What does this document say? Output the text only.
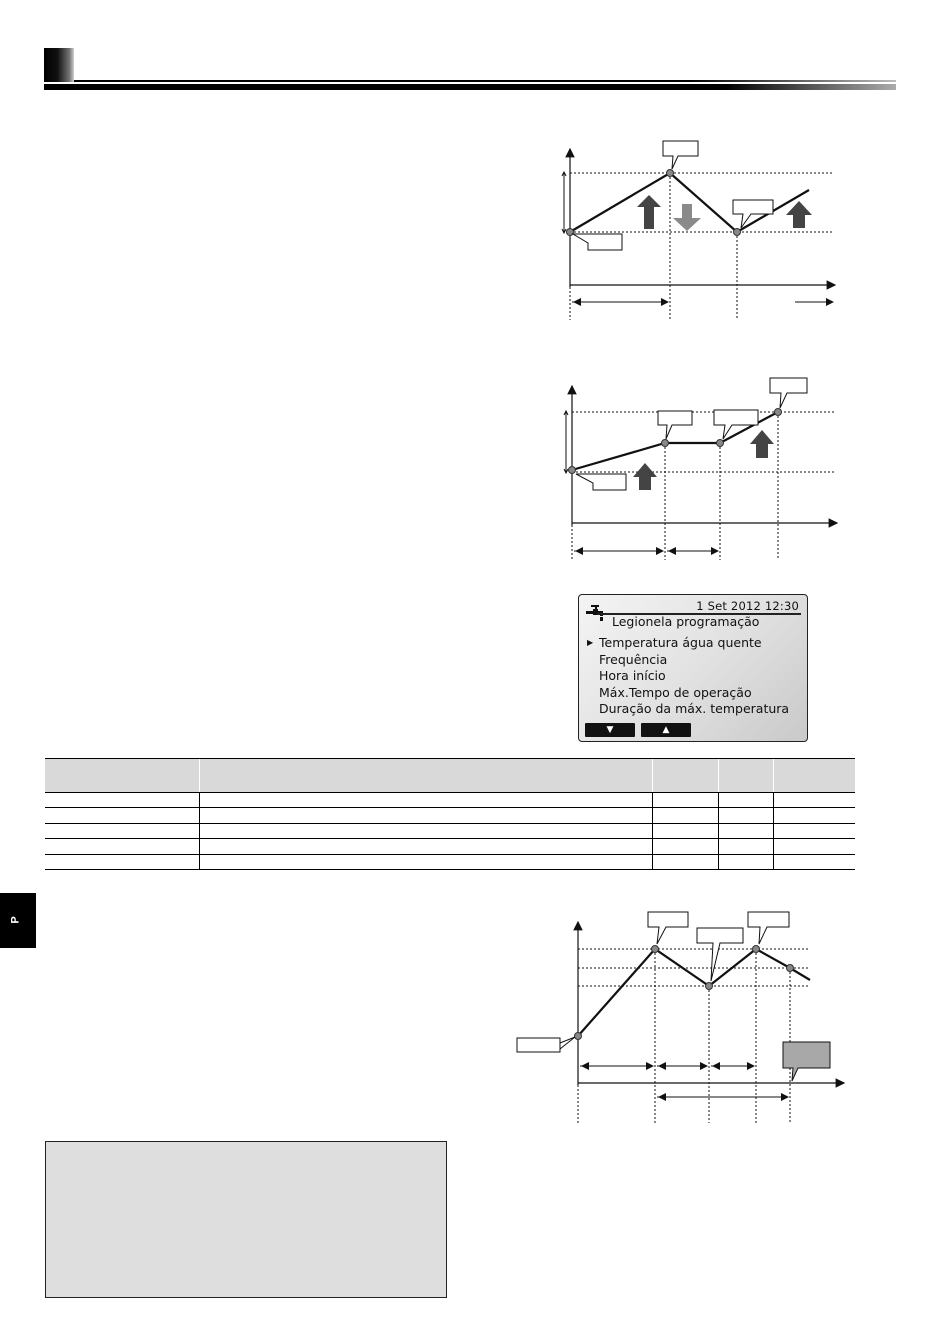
1 Set 2012 12:30
Legionela programação
▶ Temperatura água quente
Frequência
Hora início
Máx.Tempo de operação
Duração da máx. temperatura
▼	▲

P
